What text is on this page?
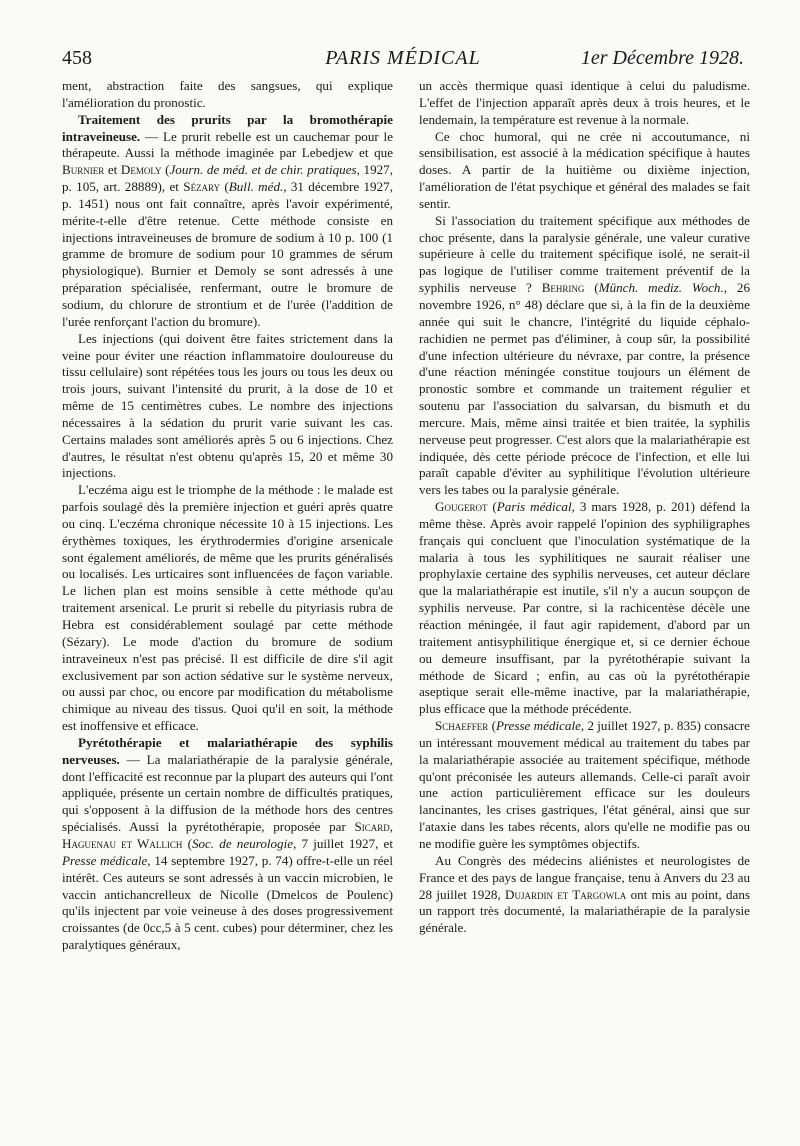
458	PARIS MÉDICAL	1er Décembre 1928.

ment, abstraction faite des sangsues, qui explique l'amélioration du pronostic.

Traitement des prurits par la bromothérapie intraveineuse. — Le prurit rebelle est un cauchemar pour le thérapeute. Aussi la méthode imaginée par Lebedjew et que Burnier et Demoly (Journ. de méd. et de chir. pratiques, 1927, p. 105, art. 28889), et Sézary (Bull. méd., 31 décembre 1927, p. 1451) nous ont fait connaître, après l'avoir expérimenté, mérite-t-elle d'être retenue. Cette méthode consiste en injections intraveineuses de bromure de sodium à 10 p. 100 (1 gramme de bromure de sodium pour 10 grammes de sérum physiologique). Burnier et Demoly se sont adressés à une préparation spécialisée, renfermant, outre le bromure de sodium, du chlorure de strontium et de l'urée (l'addition de l'urée renforçant l'action du bromure).

Les injections (qui doivent être faites strictement dans la veine pour éviter une réaction inflammatoire douloureuse du tissu cellulaire) sont répétées tous les jours ou tous les deux ou trois jours, suivant l'intensité du prurit, à la dose de 10 et même de 15 centimètres cubes. Le nombre des injections nécessaires à la sédation du prurit varie suivant les cas. Certains malades sont améliorés après 5 ou 6 injections. Chez d'autres, le résultat n'est obtenu qu'après 15, 20 et même 30 injections.

L'eczéma aigu est le triomphe de la méthode : le malade est parfois soulagé dès la première injection et guéri après quatre ou cinq. L'eczéma chronique nécessite 10 à 15 injections. Les érythèmes toxiques, les érythrodermies d'origine arsenicale sont également améliorés, de même que les prurits généralisés ou localisés. Les urticaires sont influencées de façon variable. Le lichen plan est moins sensible à cette méthode qu'au traitement arsenical. Le prurit si rebelle du pityriasis rubra de Hebra est considérablement soulagé par cette méthode (Sézary). Le mode d'action du bromure de sodium intraveineux n'est pas précisé. Il est difficile de dire s'il agit exclusivement par son action sédative sur le système nerveux, ou aussi par choc, ou encore par modification du métabolisme chimique au niveau des tissus. Quoi qu'il en soit, la méthode est inoffensive et efficace.

Pyrétothérapie et malariathérapie des syphilis nerveuses. — La malariathérapie de la paralysie générale, dont l'efficacité est reconnue par la plupart des auteurs qui l'ont appliquée, présente un certain nombre de difficultés pratiques, qui s'opposent à la diffusion de la méthode hors des centres spécialisés. Aussi la pyrétothérapie, proposée par Sicard, Haguenau et Wallich (Soc. de neurologie, 7 juillet 1927, et Presse médicale, 14 septembre 1927, p. 74) offre-t-elle un réel intérêt. Ces auteurs se sont adressés à un vaccin microbien, le vaccin antichancrelleux de Nicolle (Dmelcos de Poulenc) qu'ils injectent par voie veineuse à des doses progressivement croissantes (de 0cc,5 à 5 cent. cubes) pour déterminer, chez les paralytiques généraux,

un accès thermique quasi identique à celui du paludisme. L'effet de l'injection apparaît après deux à trois heures, et le lendemain, la température est revenue à la normale.

Ce choc humoral, qui ne crée ni accoutumance, ni sensibilisation, est associé à la médication spécifique à hautes doses. A partir de la huitième ou dixième injection, l'amélioration de l'état psychique et général des malades se fait sentir.

Si l'association du traitement spécifique aux méthodes de choc présente, dans la paralysie générale, une valeur curative supérieure à celle du traitement spécifique isolé, ne serait-il pas logique de l'utiliser comme traitement préventif de la syphilis nerveuse ? Behring (Münch. mediz. Woch., 26 novembre 1926, n° 48) déclare que si, à la fin de la deuxième année qui suit le chancre, l'intégrité du liquide céphalo-rachidien ne permet pas d'éliminer, à coup sûr, la possibilité d'une infection ultérieure du névraxe, par contre, la présence d'une réaction méningée constitue toujours un élément de pronostic sombre et commande un traitement régulier et soutenu par l'association du salvarsan, du bismuth et du mercure. Mais, même ainsi traitée et bien traitée, la syphilis nerveuse peut progresser. C'est alors que la malariathérapie est indiquée, dès cette période précoce de l'infection, et elle lui paraît capable d'éviter au syphilitique l'évolution ultérieure vers les tabes ou la paralysie générale.

Gougerot (Paris médical, 3 mars 1928, p. 201) défend la même thèse. Après avoir rappelé l'opinion des syphiligraphes français qui concluent que l'inoculation systématique de la malaria à tous les syphilitiques ne saurait réaliser une prophylaxie certaine des syphilis nerveuses, cet auteur déclare que la malariathérapie est inutile, s'il n'y a aucun soupçon de syphilis nerveuse. Par contre, si la rachicentèse décèle une réaction méningée, il faut agir rapidement, d'abord par un traitement antisyphilitique énergique et, si ce dernier échoue ou demeure insuffisant, par la pyrétothérapie suivant la méthode de Sicard ; enfin, au cas où la pyrétothérapie aseptique serait elle-même inactive, par la malariathérapie, plus efficace que la méthode précédente.

Schaeffer (Presse médicale, 2 juillet 1927, p. 835) consacre un intéressant mouvement médical au traitement du tabes par la malariathérapie associée au traitement spécifique, méthode qu'ont préconisée les auteurs allemands. Celle-ci paraît avoir une action particulièrement efficace sur les douleurs lancinantes, les crises gastriques, l'état général, ainsi que sur l'ataxie dans les tabes récents, alors qu'elle ne modifie pas ou ne modifie guère les symptômes objectifs.

Au Congrès des médecins aliénistes et neurologistes de France et des pays de langue française, tenu à Anvers du 23 au 28 juillet 1928, Dujardin et Targowla ont mis au point, dans un rapport très documenté, la malariathérapie de la paralysie générale.
